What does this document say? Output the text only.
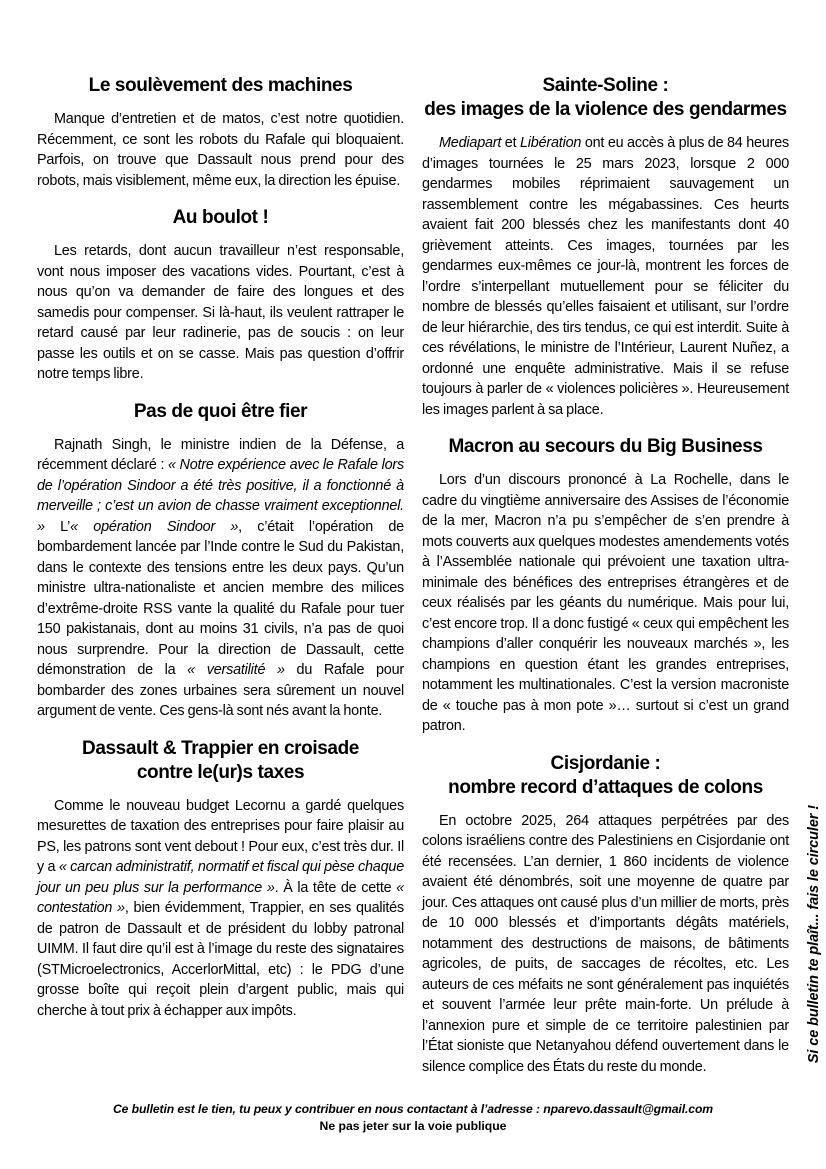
Le soulèvement des machines

Manque d’entretien et de matos, c’est notre quotidien. Récemment, ce sont les robots du Rafale qui bloquaient. Parfois, on trouve que Dassault nous prend pour des robots, mais visiblement, même eux, la direction les épuise.

Au boulot !

Les retards, dont aucun travailleur n’est responsable, vont nous imposer des vacations vides. Pourtant, c’est à nous qu’on va demander de faire des longues et des samedis pour compenser. Si là-haut, ils veulent rattraper le retard causé par leur radinerie, pas de soucis : on leur passe les outils et on se casse. Mais pas question d’offrir notre temps libre.

Pas de quoi être fier

Rajnath Singh, le ministre indien de la Défense, a récemment déclaré : « Notre expérience avec le Rafale lors de l’opération Sindoor a été très positive, il a fonctionné à merveille ; c’est un avion de chasse vraiment exceptionnel. » L’« opération Sindoor », c’était l’opération de bombardement lancée par l’Inde contre le Sud du Pakistan, dans le contexte des tensions entre les deux pays. Qu’un ministre ultra-nationaliste et ancien membre des milices d’extrême-droite RSS vante la qualité du Rafale pour tuer 150 pakistanais, dont au moins 31 civils, n’a pas de quoi nous surprendre. Pour la direction de Dassault, cette démonstration de la « versatilité » du Rafale pour bombarder des zones urbaines sera sûrement un nouvel argument de vente. Ces gens-là sont nés avant la honte.

Dassault & Trappier en croisade
contre le(ur)s taxes

Comme le nouveau budget Lecornu a gardé quelques mesurettes de taxation des entreprises pour faire plaisir au PS, les patrons sont vent debout ! Pour eux, c’est très dur. Il y a « carcan administratif, normatif et fiscal qui pèse chaque jour un peu plus sur la performance ». À la tête de cette « contestation », bien évidemment, Trappier, en ses qualités de patron de Dassault et de président du lobby patronal UIMM. Il faut dire qu’il est à l’image du reste des signataires (STMicroelectronics, AccerlorMittal, etc) : le PDG d’une grosse boîte qui reçoit plein d’argent public, mais qui cherche à tout prix à échapper aux impôts.

Sainte-Soline :
des images de la violence des gendarmes

Mediapart et Libération ont eu accès à plus de 84 heures d’images tournées le 25 mars 2023, lorsque 2 000 gendarmes mobiles réprimaient sauvagement un rassemblement contre les mégabassines. Ces heurts avaient fait 200 blessés chez les manifestants dont 40 grièvement atteints. Ces images, tournées par les gendarmes eux-mêmes ce jour-là, montrent les forces de l’ordre s’interpellant mutuellement pour se féliciter du nombre de blessés qu’elles faisaient et utilisant, sur l’ordre de leur hiérarchie, des tirs tendus, ce qui est interdit. Suite à ces révélations, le ministre de l’Intérieur, Laurent Nuñez, a ordonné une enquête administrative. Mais il se refuse toujours à parler de « violences policières ». Heureusement les images parlent à sa place.

Macron au secours du Big Business

Lors d’un discours prononcé à La Rochelle, dans le cadre du vingtième anniversaire des Assises de l’économie de la mer, Macron n’a pu s’empêcher de s’en prendre à mots couverts aux quelques modestes amendements votés à l’Assemblée nationale qui prévoient une taxation ultra-minimale des bénéfices des entreprises étrangères et de ceux réalisés par les géants du numérique. Mais pour lui, c’est encore trop. Il a donc fustigé « ceux qui empêchent les champions d’aller conquérir les nouveaux marchés », les champions en question étant les grandes entreprises, notamment les multinationales. C’est la version macroniste de « touche pas à mon pote »… surtout si c’est un grand patron.

Cisjordanie :
nombre record d’attaques de colons

En octobre 2025, 264 attaques perpétrées par des colons israéliens contre des Palestiniens en Cisjordanie ont été recensées. L’an dernier, 1 860 incidents de violence avaient été dénombrés, soit une moyenne de quatre par jour. Ces attaques ont causé plus d’un millier de morts, près de 10 000 blessés et d’importants dégâts matériels, notamment des destructions de maisons, de bâtiments agricoles, de puits, de saccages de récoltes, etc. Les auteurs de ces méfaits ne sont généralement pas inquiétés et souvent l’armée leur prête main-forte. Un prélude à l’annexion pure et simple de ce territoire palestinien par l’État sioniste que Netanyahou défend ouvertement dans le silence complice des États du reste du monde.

Si ce bulletin te plaît... fais le circuler !
Ce bulletin est le tien, tu peux y contribuer en nous contactant à l’adresse : nparevo.dassault@gmail.com
Ne pas jeter sur la voie publique
